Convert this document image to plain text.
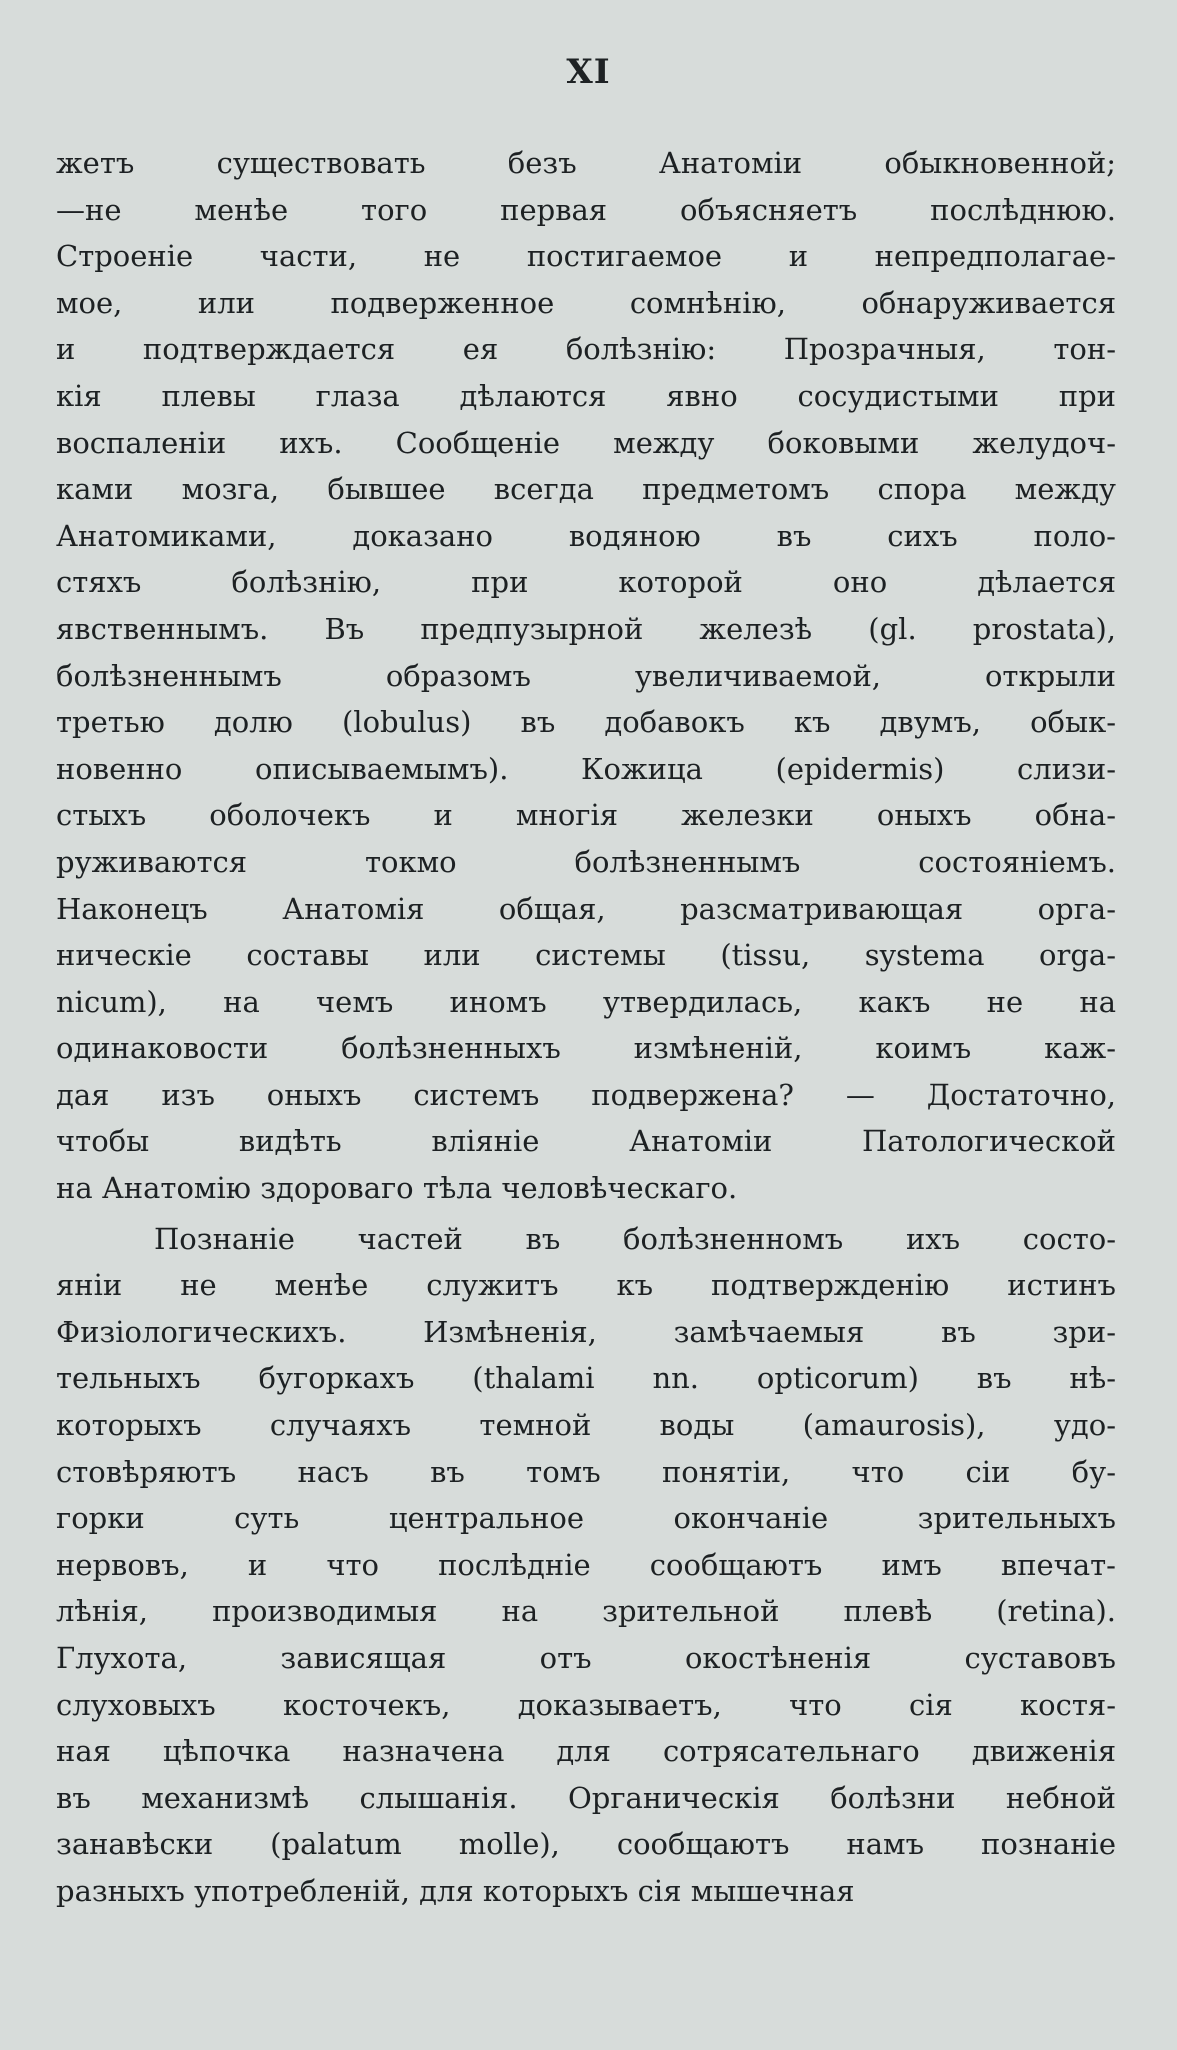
XI
жетъ существовать безъ Анатоміи обыкновенной;
—не менѣе того первая объясняетъ послѣднюю.
Строеніе части, не постигаемое и непредполагае-
мое, или подверженное сомнѣнію, обнаруживается
и подтверждается ея болѣзнію: Прозрачныя, тон-
кія плевы глаза дѣлаются явно сосудистыми при
воспаленіи ихъ. Сообщеніе между боковыми желудоч-
ками мозга, бывшее всегда предметомъ спора между
Анатомиками, доказано водяною въ сихъ поло-
стяхъ болѣзнію, при которой оно дѣлается
явственнымъ. Въ предпузырной железѣ (gl. prostata),
болѣзненнымъ образомъ увеличиваемой, открыли
третью долю (lobulus) въ добавокъ къ двумъ, обык-
новенно описываемымъ). Кожица (epidermis) слизи-
стыхъ оболочекъ и многія железки оныхъ обна-
руживаются токмо болѣзненнымъ состояніемъ.
Наконецъ Анатомія общая, разсматривающая орга-
ническіе составы или системы (tissu, systema orga-
nicum), на чемъ иномъ утвердилась, какъ не на
одинаковости болѣзненныхъ измѣненій, коимъ каж-
дая изъ оныхъ системъ подвержена? — Достаточно,
чтобы видѣть вліяніе Анатоміи Патологической
на Анатомію здороваго тѣла человѣческаго.
Познаніе частей въ болѣзненномъ ихъ состо-
яніи не менѣе служитъ къ подтвержденію истинъ
Физіологическихъ. Измѣненія, замѣчаемыя въ зри-
тельныхъ бугоркахъ (thalami nn. opticorum) въ нѣ-
которыхъ случаяхъ темной воды (amaurosis), удо-
стовѣряютъ насъ въ томъ понятіи, что сіи бу-
горки суть центральное окончаніе зрительныхъ
нервовъ, и что послѣдніе сообщаютъ имъ впечат-
лѣнія, производимыя на зрительной плевѣ (retina).
Глухота, зависящая отъ окостѣненія суставовъ
слуховыхъ косточекъ, доказываетъ, что сія костя-
ная цѣпочка назначена для сотрясательнаго движенія
въ механизмѣ слышанія. Органическія болѣзни небной
занавѣски (palatum molle), сообщаютъ намъ познаніе
разныхъ употребленій, для которыхъ сія мышечная
